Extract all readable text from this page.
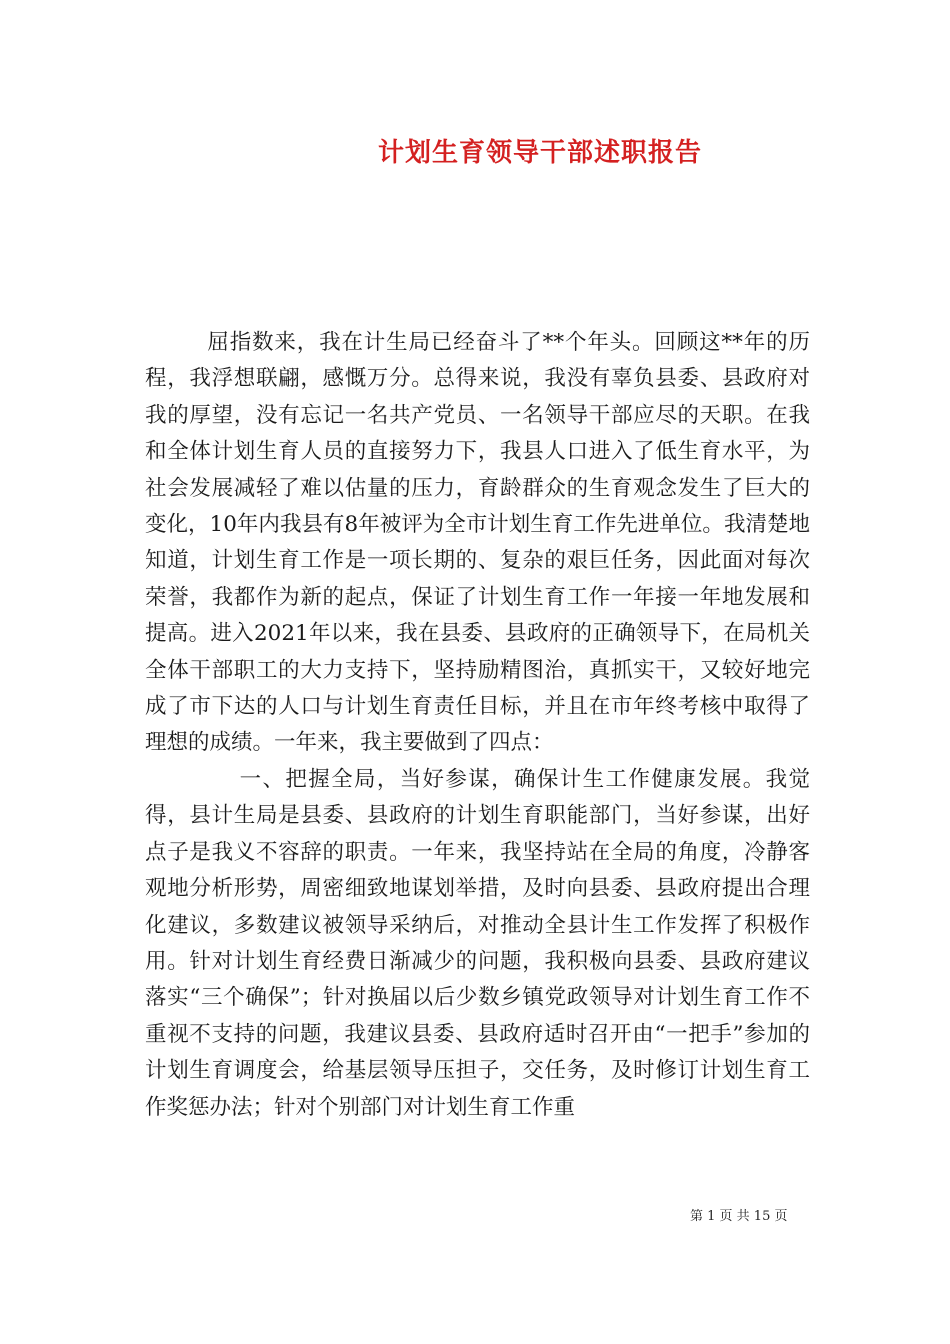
计划生育领导干部述职报告

屈指数来，我在计生局已经奋斗了**个年头。回顾这**年的历程，我浮想联翩，感慨万分。总得来说，我没有辜负县委、县政府对我的厚望，没有忘记一名共产党员、一名领导干部应尽的天职。在我和全体计划生育人员的直接努力下，我县人口进入了低生育水平，为社会发展减轻了难以估量的压力，育龄群众的生育观念发生了巨大的变化，10年内我县有8年被评为全市计划生育工作先进单位。我清楚地知道，计划生育工作是一项长期的、复杂的艰巨任务，因此面对每次荣誉，我都作为新的起点，保证了计划生育工作一年接一年地发展和提高。进入2021年以来，我在县委、县政府的正确领导下，在局机关全体干部职工的大力支持下，坚持励精图治，真抓实干，又较好地完成了市下达的人口与计划生育责任目标，并且在市年终考核中取得了理想的成绩。一年来，我主要做到了四点：

一、把握全局，当好参谋，确保计生工作健康发展。我觉得，县计生局是县委、县政府的计划生育职能部门，当好参谋，出好点子是我义不容辞的职责。一年来，我坚持站在全局的角度，冷静客观地分析形势，周密细致地谋划举措，及时向县委、县政府提出合理化建议，多数建议被领导采纳后，对推动全县计生工作发挥了积极作用。针对计划生育经费日渐减少的问题，我积极向县委、县政府建议落实“三个确保”；针对换届以后少数乡镇党政领导对计划生育工作不重视不支持的问题，我建议县委、县政府适时召开由“一把手”参加的计划生育调度会，给基层领导压担子，交任务，及时修订计划生育工作奖惩办法；针对个别部门对计划生育工作重

第 1 页 共 15 页
